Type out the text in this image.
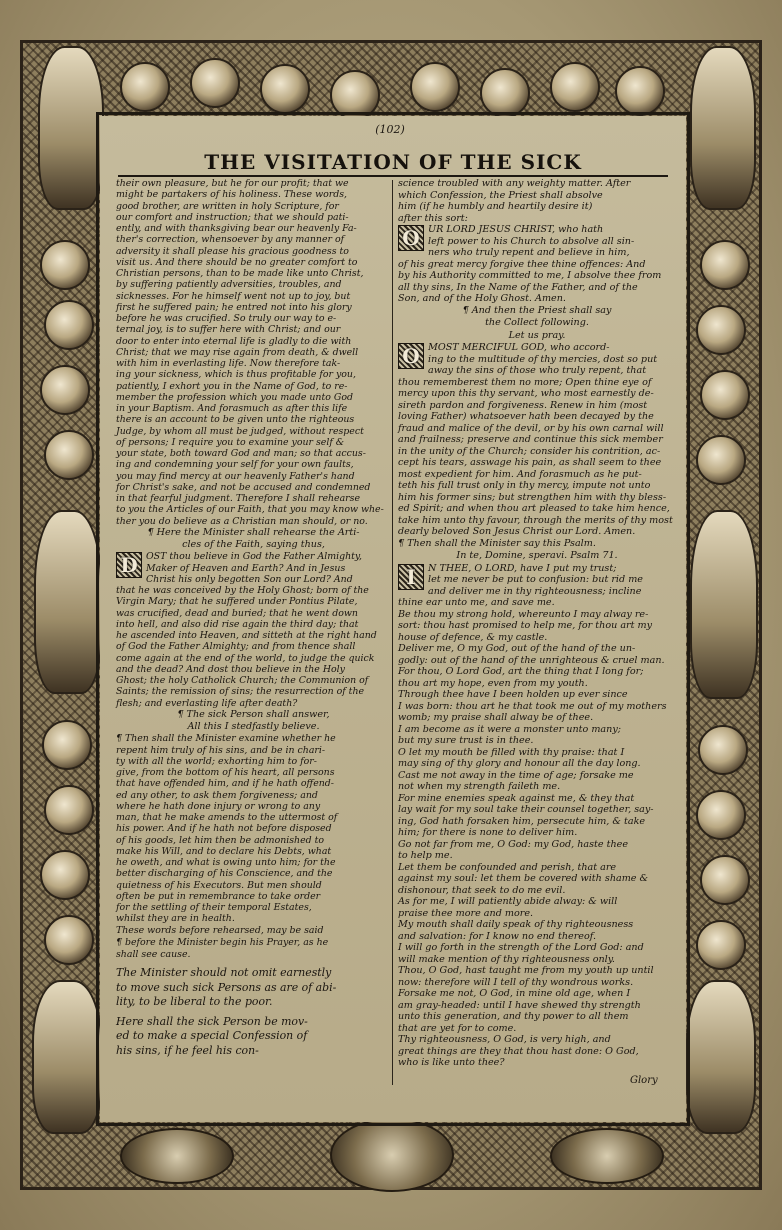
(102)
THE VISITATION OF THE SICK
their own pleasure, but he for our profit; that we
might be partakers of his holiness. These words,
good brother, are written in holy Scripture, for
our comfort and instruction; that we should pati-
ently, and with thanksgiving bear our heavenly Fa-
ther's correction, whensoever by any manner of
adversity it shall please his gracious goodness to
visit us. And there should be no greater comfort to
Christian persons, than to be made like unto Christ,
by suffering patiently adversities, troubles, and
sicknesses. For he himself went not up to joy, but
first he suffered pain; he entred not into his glory
before he was crucified. So truly our way to e-
ternal joy, is to suffer here with Christ; and our
door to enter into eternal life is gladly to die with
Christ; that we may rise again from death, & dwell
with him in everlasting life. Now therefore tak-
ing your sickness, which is thus profitable for you,
patiently, I exhort you in the Name of God, to re-
member the profession which you made unto God
in your Baptism. And forasmuch as after this life
there is an account to be given unto the righteous
Judge, by whom all must be judged, without respect
of persons; I require you to examine your self &
your state, both toward God and man; so that accus-
ing and condemning your self for your own faults,
you may find mercy at our heavenly Father's hand
for Christ's sake, and not be accused and condemned
in that fearful judgment. Therefore I shall rehearse
to you the Articles of our Faith, that you may know whe-
ther you do believe as a Christian man should, or no.

¶ Here the Minister shall rehearse the Arti-

cles of the Faith, saying thus,

D OST thou believe in God the Father Almighty,
Maker of Heaven and Earth? And in Jesus
Christ his only begotten Son our Lord? And
that he was conceived by the Holy Ghost; born of the
Virgin Mary; that he suffered under Pontius Pilate,
was crucified, dead and buried; that he went down
into hell, and also did rise again the third day; that
he ascended into Heaven, and sitteth at the right hand
of God the Father Almighty; and from thence shall
come again at the end of the world, to judge the quick
and the dead? And dost thou believe in the Holy
Ghost; the holy Catholick Church; the Communion of
Saints; the remission of sins; the resurrection of the
flesh; and everlasting life after death?

¶ The sick Person shall answer,

All this I stedfastly believe.

¶ Then shall the Minister examine whether he
repent him truly of his sins, and be in chari-
ty with all the world; exhorting him to for-
give, from the bottom of his heart, all persons
that have offended him, and if he hath offend-
ed any other, to ask them forgiveness; and
where he hath done injury or wrong to any
man, that he make amends to the uttermost of
his power. And if he hath not before disposed
of his goods, let him then be admonished to
make his Will, and to declare his Debts, what
he oweth, and what is owing unto him; for the
better discharging of his Conscience, and the
quietness of his Executors. But men should
often be put in remembrance to take order
for the settling of their temporal Estates,
whilst they are in health.

These words before rehearsed, may be said

¶ before the Minister begin his Prayer, as he

shall see cause.

The Minister should not omit earnestly
to move such sick Persons as are of abi-
lity, to be liberal to the poor.
Here shall the sick Person be mov-
ed to make a special Confession of
his sins, if he feel his con-
science troubled with any weighty matter. After
which Confession, the Priest shall absolve
him (if he humbly and heartily desire it)
after this sort:
O UR LORD JESUS CHRIST, who hath
left power to his Church to absolve all sin-
ners who truly repent and believe in him,
of his great mercy forgive thee thine offences: And
by his Authority committed to me, I absolve thee from
all thy sins, In the Name of the Father, and of the
Son, and of the Holy Ghost. Amen.

¶ And then the Priest shall say

the Collect following.

Let us pray.

O MOST MERCIFUL GOD, who accord-
ing to the multitude of thy mercies, dost so put
away the sins of those who truly repent, that
thou rememberest them no more; Open thine eye of
mercy upon this thy servant, who most earnestly de-
sireth pardon and forgiveness. Renew in him (most
loving Father) whatsoever hath been decayed by the
fraud and malice of the devil, or by his own carnal will
and frailness; preserve and continue this sick member
in the unity of the Church; consider his contrition, ac-
cept his tears, asswage his pain, as shall seem to thee
most expedient for him. And forasmuch as he put-
teth his full trust only in thy mercy, impute not unto
him his former sins; but strengthen him with thy bless-
ed Spirit; and when thou art pleased to take him hence,
take him unto thy favour, through the merits of thy most
dearly beloved Son Jesus Christ our Lord. Amen.

¶ Then shall the Minister say this Psalm.

In te, Domine, speravi. Psalm 71.

I	N THEE, O LORD, have I put my trust;
let me never be put to confusion: but rid me
and deliver me in thy righteousness; incline
thine ear unto me, and save me.
Be thou my strong hold, whereunto I may alway re-
sort: thou hast promised to help me, for thou art my
house of defence, & my castle.
Deliver me, O my God, out of the hand of the un-
godly: out of the hand of the unrighteous & cruel man.
For thou, O Lord God, art the thing that I long for;
thou art my hope, even from my youth.
Through thee have I been holden up ever since
I was born: thou art he that took me out of my mothers
womb; my praise shall alway be of thee.
I am become as it were a monster unto many;
but my sure trust is in thee.
O let my mouth be filled with thy praise: that I
may sing of thy glory and honour all the day long.
Cast me not away in the time of age; forsake me
not when my strength faileth me.
For mine enemies speak against me, & they that
lay wait for my soul take their counsel together, say-
ing, God hath forsaken him, persecute him, & take
him; for there is none to deliver him.
Go not far from me, O God: my God, haste thee
to help me.
Let them be confounded and perish, that are
against my soul: let them be covered with shame &
dishonour, that seek to do me evil.
As for me, I will patiently abide alway: & will
praise thee more and more.
My mouth shall daily speak of thy righteousness
and salvation: for I know no end thereof.
I will go forth in the strength of the Lord God: and
will make mention of thy righteousness only.
Thou, O God, hast taught me from my youth up until
now: therefore will I tell of thy wondrous works.
Forsake me not, O God, in mine old age, when I
am gray-headed: until I have shewed thy strength
unto this generation, and thy power to all them
that are yet for to come.
Thy righteousness, O God, is very high, and
great things are they that thou hast done: O God,
who is like unto thee?
Glory
